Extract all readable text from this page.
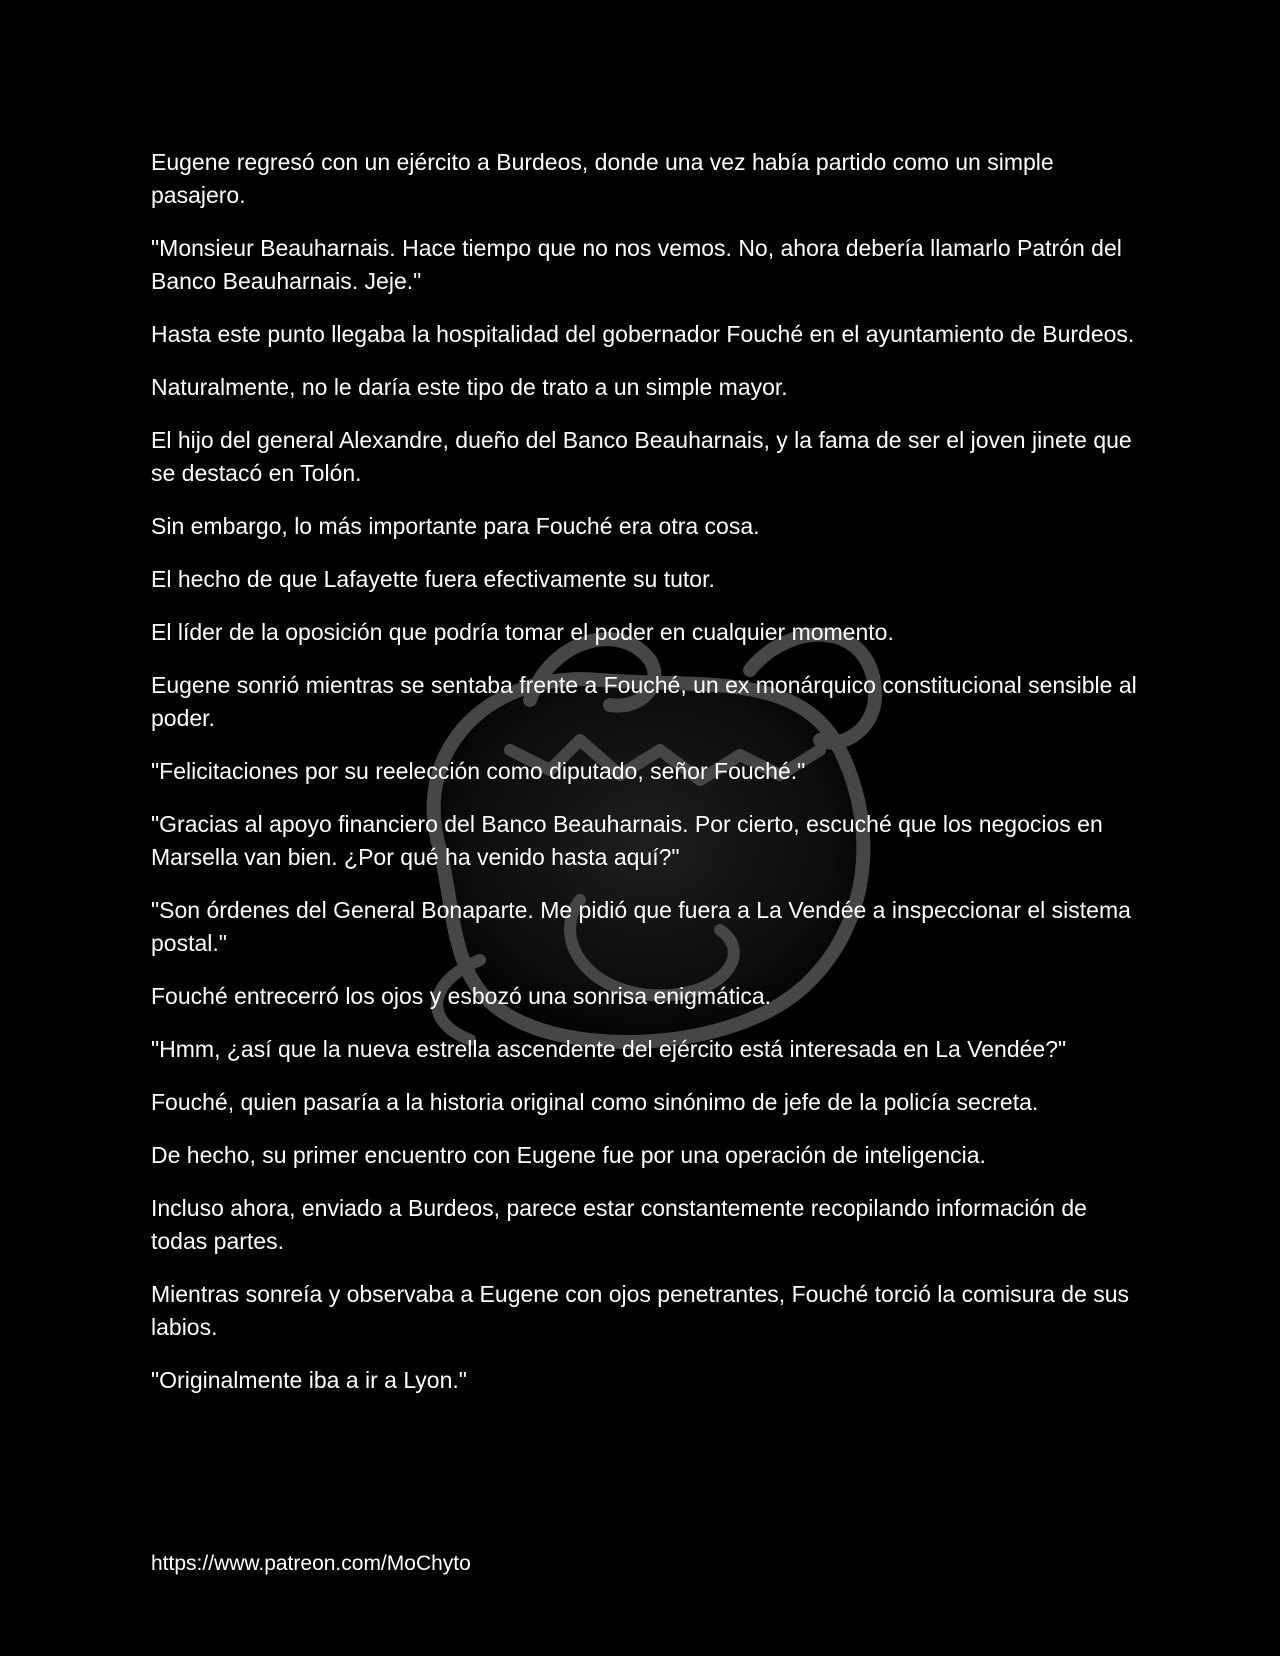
Eugene regresó con un ejército a Burdeos, donde una vez había partido como un simple pasajero.

"Monsieur Beauharnais. Hace tiempo que no nos vemos. No, ahora debería llamarlo Patrón del Banco Beauharnais. Jeje."

Hasta este punto llegaba la hospitalidad del gobernador Fouché en el ayuntamiento de Burdeos.

Naturalmente, no le daría este tipo de trato a un simple mayor.

El hijo del general Alexandre, dueño del Banco Beauharnais, y la fama de ser el joven jinete que se destacó en Tolón.

Sin embargo, lo más importante para Fouché era otra cosa.

El hecho de que Lafayette fuera efectivamente su tutor.

El líder de la oposición que podría tomar el poder en cualquier momento.

Eugene sonrió mientras se sentaba frente a Fouché, un ex monárquico constitucional sensible al poder.

"Felicitaciones por su reelección como diputado, señor Fouché."

"Gracias al apoyo financiero del Banco Beauharnais. Por cierto, escuché que los negocios en Marsella van bien. ¿Por qué ha venido hasta aquí?"

"Son órdenes del General Bonaparte. Me pidió que fuera a La Vendée a inspeccionar el sistema postal."

Fouché entrecerró los ojos y esbozó una sonrisa enigmática.

"Hmm, ¿así que la nueva estrella ascendente del ejército está interesada en La Vendée?"

Fouché, quien pasaría a la historia original como sinónimo de jefe de la policía secreta.

De hecho, su primer encuentro con Eugene fue por una operación de inteligencia.

Incluso ahora, enviado a Burdeos, parece estar constantemente recopilando información de todas partes.

Mientras sonreía y observaba a Eugene con ojos penetrantes, Fouché torció la comisura de sus labios.

"Originalmente iba a ir a Lyon."

https://www.patreon.com/MoChyto
